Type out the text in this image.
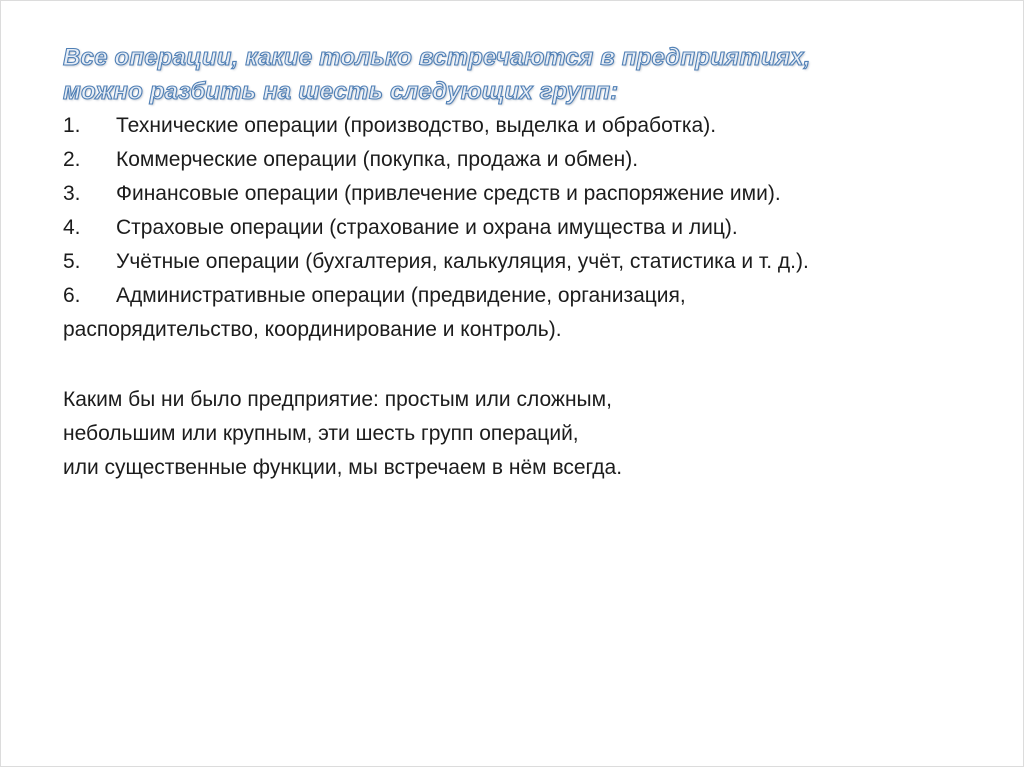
Все операции, какие только встречаются в предприятиях,
можно разбить на шесть следующих групп:
1. Технические операции (производство, выделка и обработка).
2. Коммерческие операции (покупка, продажа и обмен).
3. Финансовые операции (привлечение средств и распоряжение ими).
4. Страховые операции (страхование и охрана имущества и лиц).
5. Учётные операции (бухгалтерия, калькуляция, учёт, статистика и т. д.).
6. Административные операции (предвидение, организация,
распорядительство, координирование и контроль).
Каким бы ни было предприятие: простым или сложным,
небольшим или крупным, эти шесть групп операций,
или существенные функции, мы встречаем в нём всегда.
